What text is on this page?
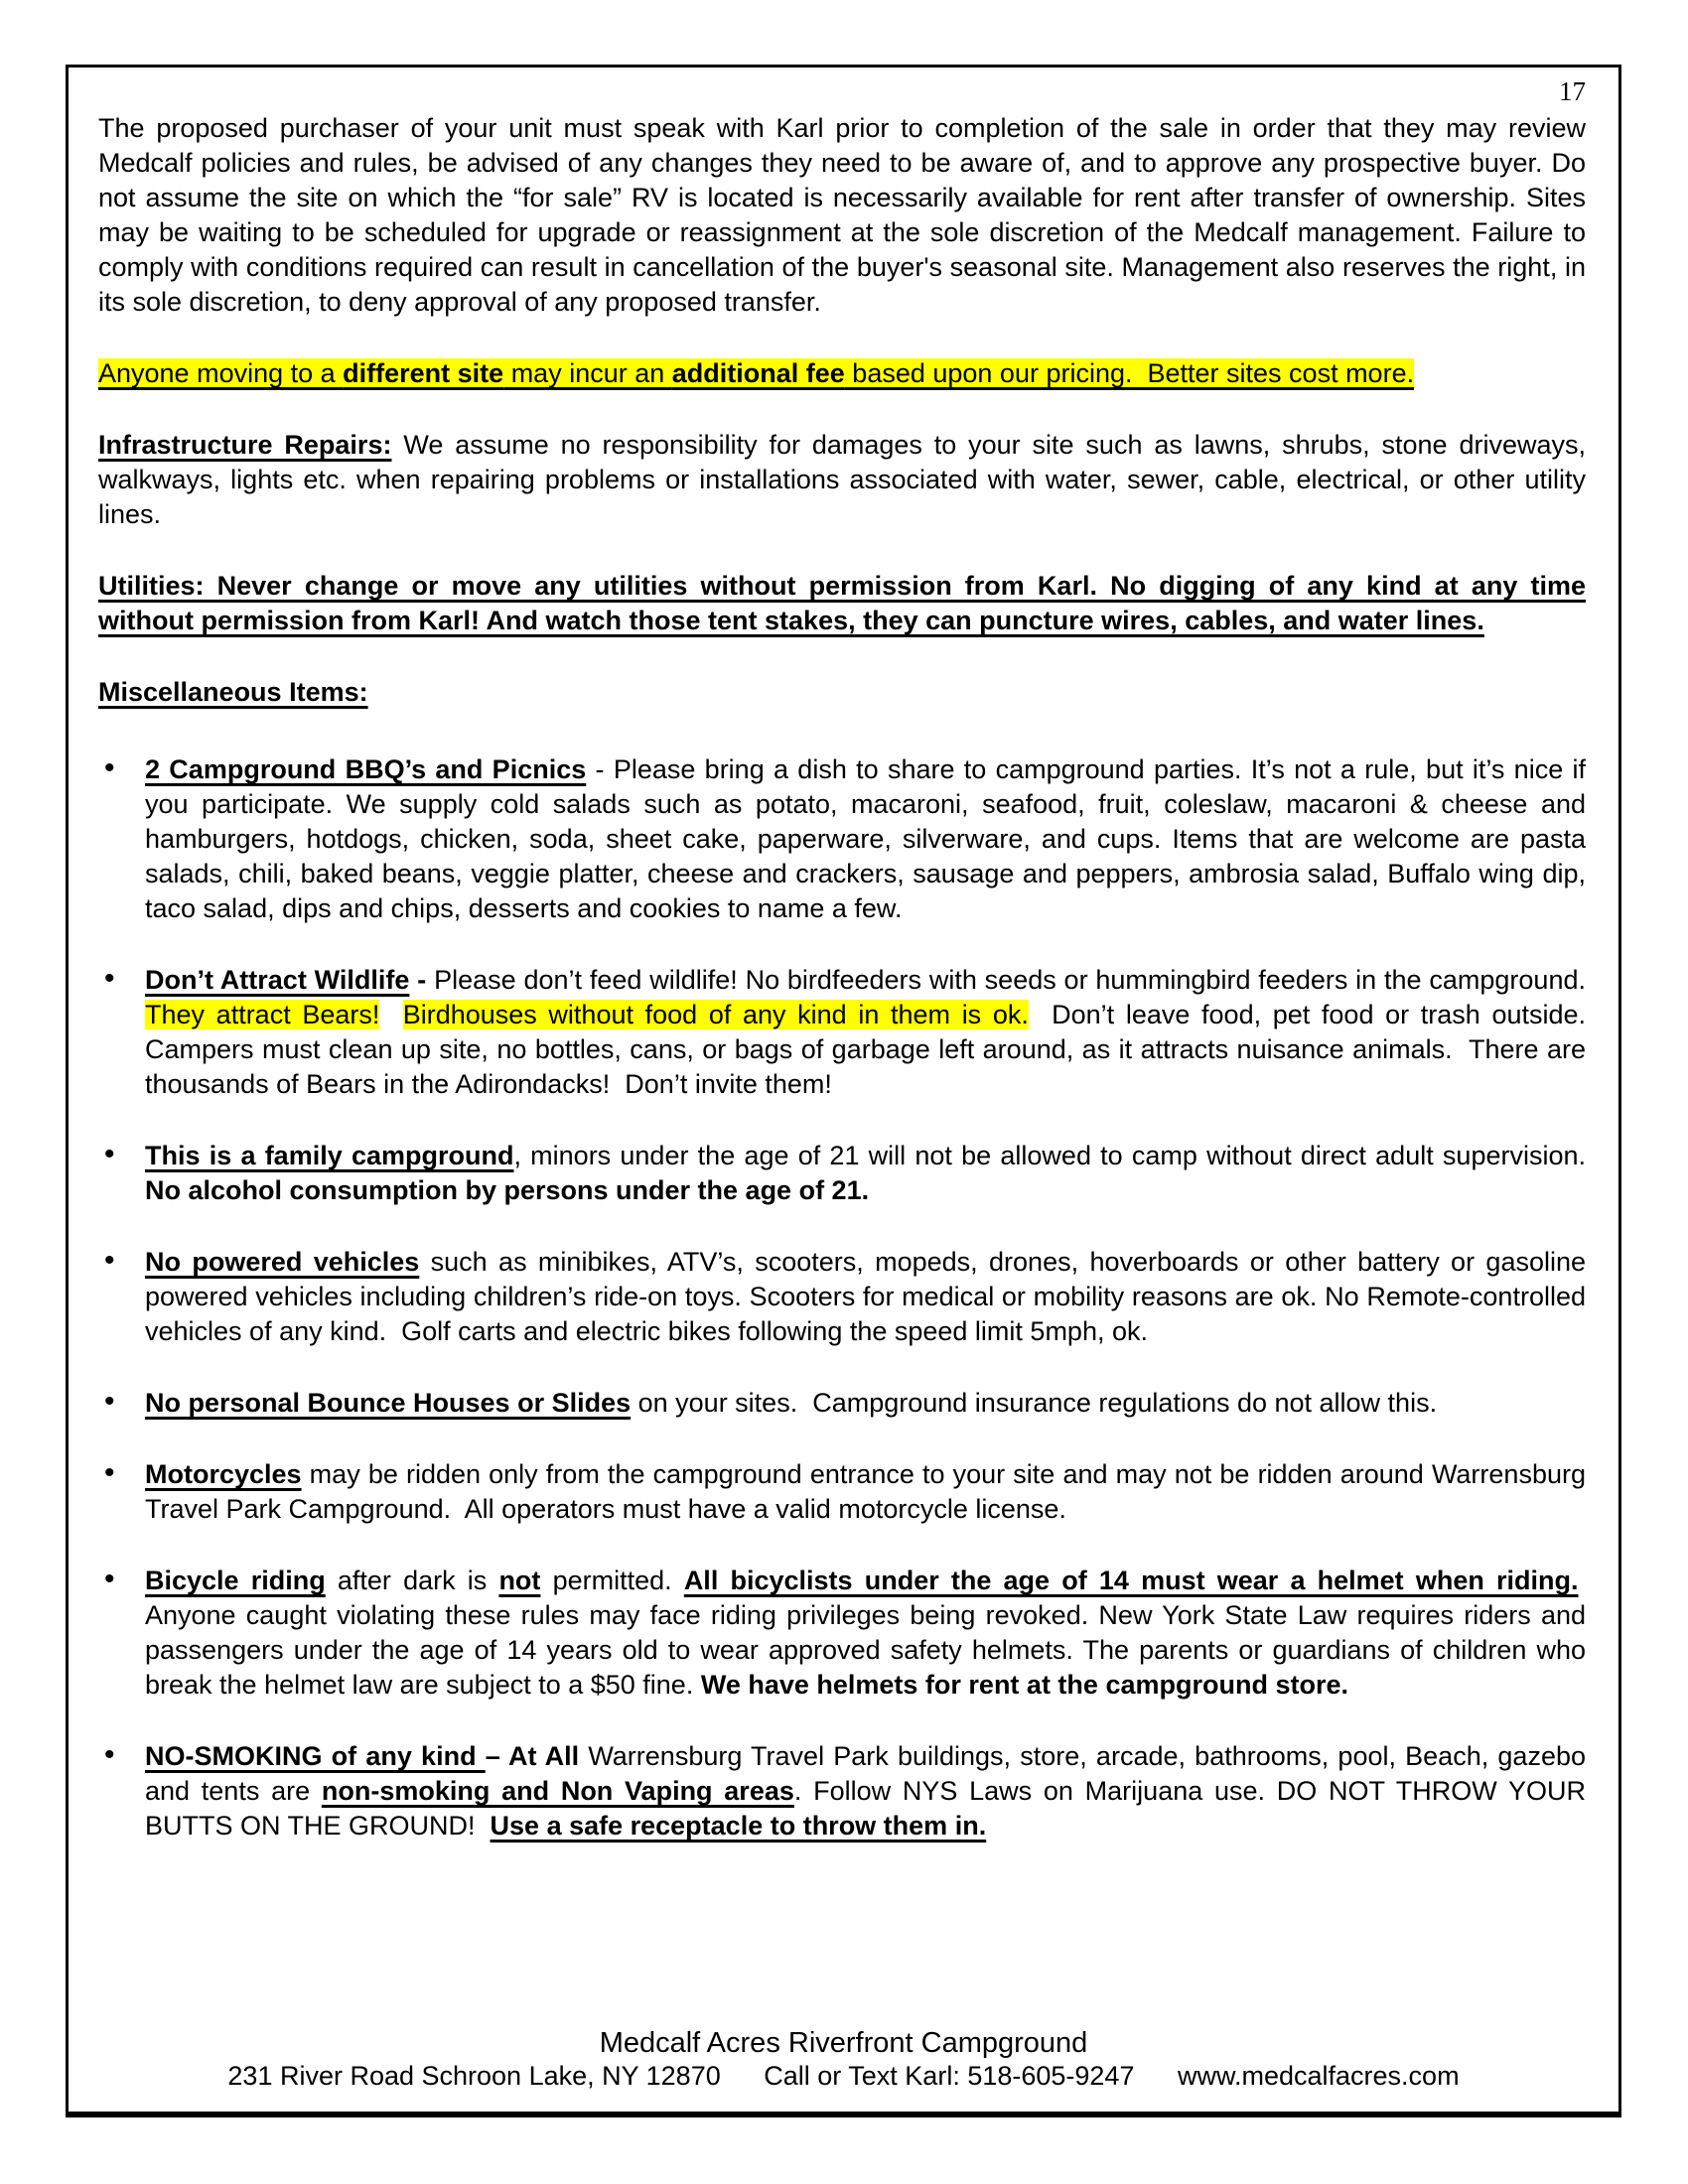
17

The proposed purchaser of your unit must speak with Karl prior to completion of the sale in order that they may review Medcalf policies and rules, be advised of any changes they need to be aware of, and to approve any prospective buyer. Do not assume the site on which the “for sale” RV is located is necessarily available for rent after transfer of ownership. Sites may be waiting to be scheduled for upgrade or reassignment at the sole discretion of the Medcalf management. Failure to comply with conditions required can result in cancellation of the buyer's seasonal site. Management also reserves the right, in its sole discretion, to deny approval of any proposed transfer.

Anyone moving to a different site may incur an additional fee based upon our pricing.  Better sites cost more.

Infrastructure Repairs: We assume no responsibility for damages to your site such as lawns, shrubs, stone driveways, walkways, lights etc. when repairing problems or installations associated with water, sewer, cable, electrical, or other utility lines.

Utilities: Never change or move any utilities without permission from Karl. No digging of any kind at any time without permission from Karl! And watch those tent stakes, they can puncture wires, cables, and water lines.

Miscellaneous Items:

• 2 Campground BBQ’s and Picnics - Please bring a dish to share to campground parties. It’s not a rule, but it’s nice if you participate. We supply cold salads such as potato, macaroni, seafood, fruit, coleslaw, macaroni & cheese and hamburgers, hotdogs, chicken, soda, sheet cake, paperware, silverware, and cups. Items that are welcome are pasta salads, chili, baked beans, veggie platter, cheese and crackers, sausage and peppers, ambrosia salad, Buffalo wing dip, taco salad, dips and chips, desserts and cookies to name a few.
• Don’t Attract Wildlife - Please don’t feed wildlife! No birdfeeders with seeds or hummingbird feeders in the campground. They attract Bears! Birdhouses without food of any kind in them is ok.  Don’t leave food, pet food or trash outside. Campers must clean up site, no bottles, cans, or bags of garbage left around, as it attracts nuisance animals.  There are thousands of Bears in the Adirondacks!  Don’t invite them!
• This is a family campground, minors under the age of 21 will not be allowed to camp without direct adult supervision. No alcohol consumption by persons under the age of 21.
• No powered vehicles such as minibikes, ATV’s, scooters, mopeds, drones, hoverboards or other battery or gasoline powered vehicles including children’s ride-on toys. Scooters for medical or mobility reasons are ok. No Remote-controlled vehicles of any kind.  Golf carts and electric bikes following the speed limit 5mph, ok.
• No personal Bounce Houses or Slides on your sites.  Campground insurance regulations do not allow this.
• Motorcycles may be ridden only from the campground entrance to your site and may not be ridden around Warrensburg Travel Park Campground.  All operators must have a valid motorcycle license.
• Bicycle riding after dark is not permitted. All bicyclists under the age of 14 must wear a helmet when riding.  Anyone caught violating these rules may face riding privileges being revoked. New York State Law requires riders and passengers under the age of 14 years old to wear approved safety helmets. The parents or guardians of children who break the helmet law are subject to a $50 fine. We have helmets for rent at the campground store.
• NO-SMOKING of any kind – At All Warrensburg Travel Park buildings, store, arcade, bathrooms, pool, Beach, gazebo and tents are non-smoking and Non Vaping areas. Follow NYS Laws on Marijuana use. DO NOT THROW YOUR BUTTS ON THE GROUND!  Use a safe receptacle to throw them in.
Medcalf Acres Riverfront Campground
231 River Road Schroon Lake, NY 12870 Call or Text Karl: 518-605-9247 www.medcalfacres.com
